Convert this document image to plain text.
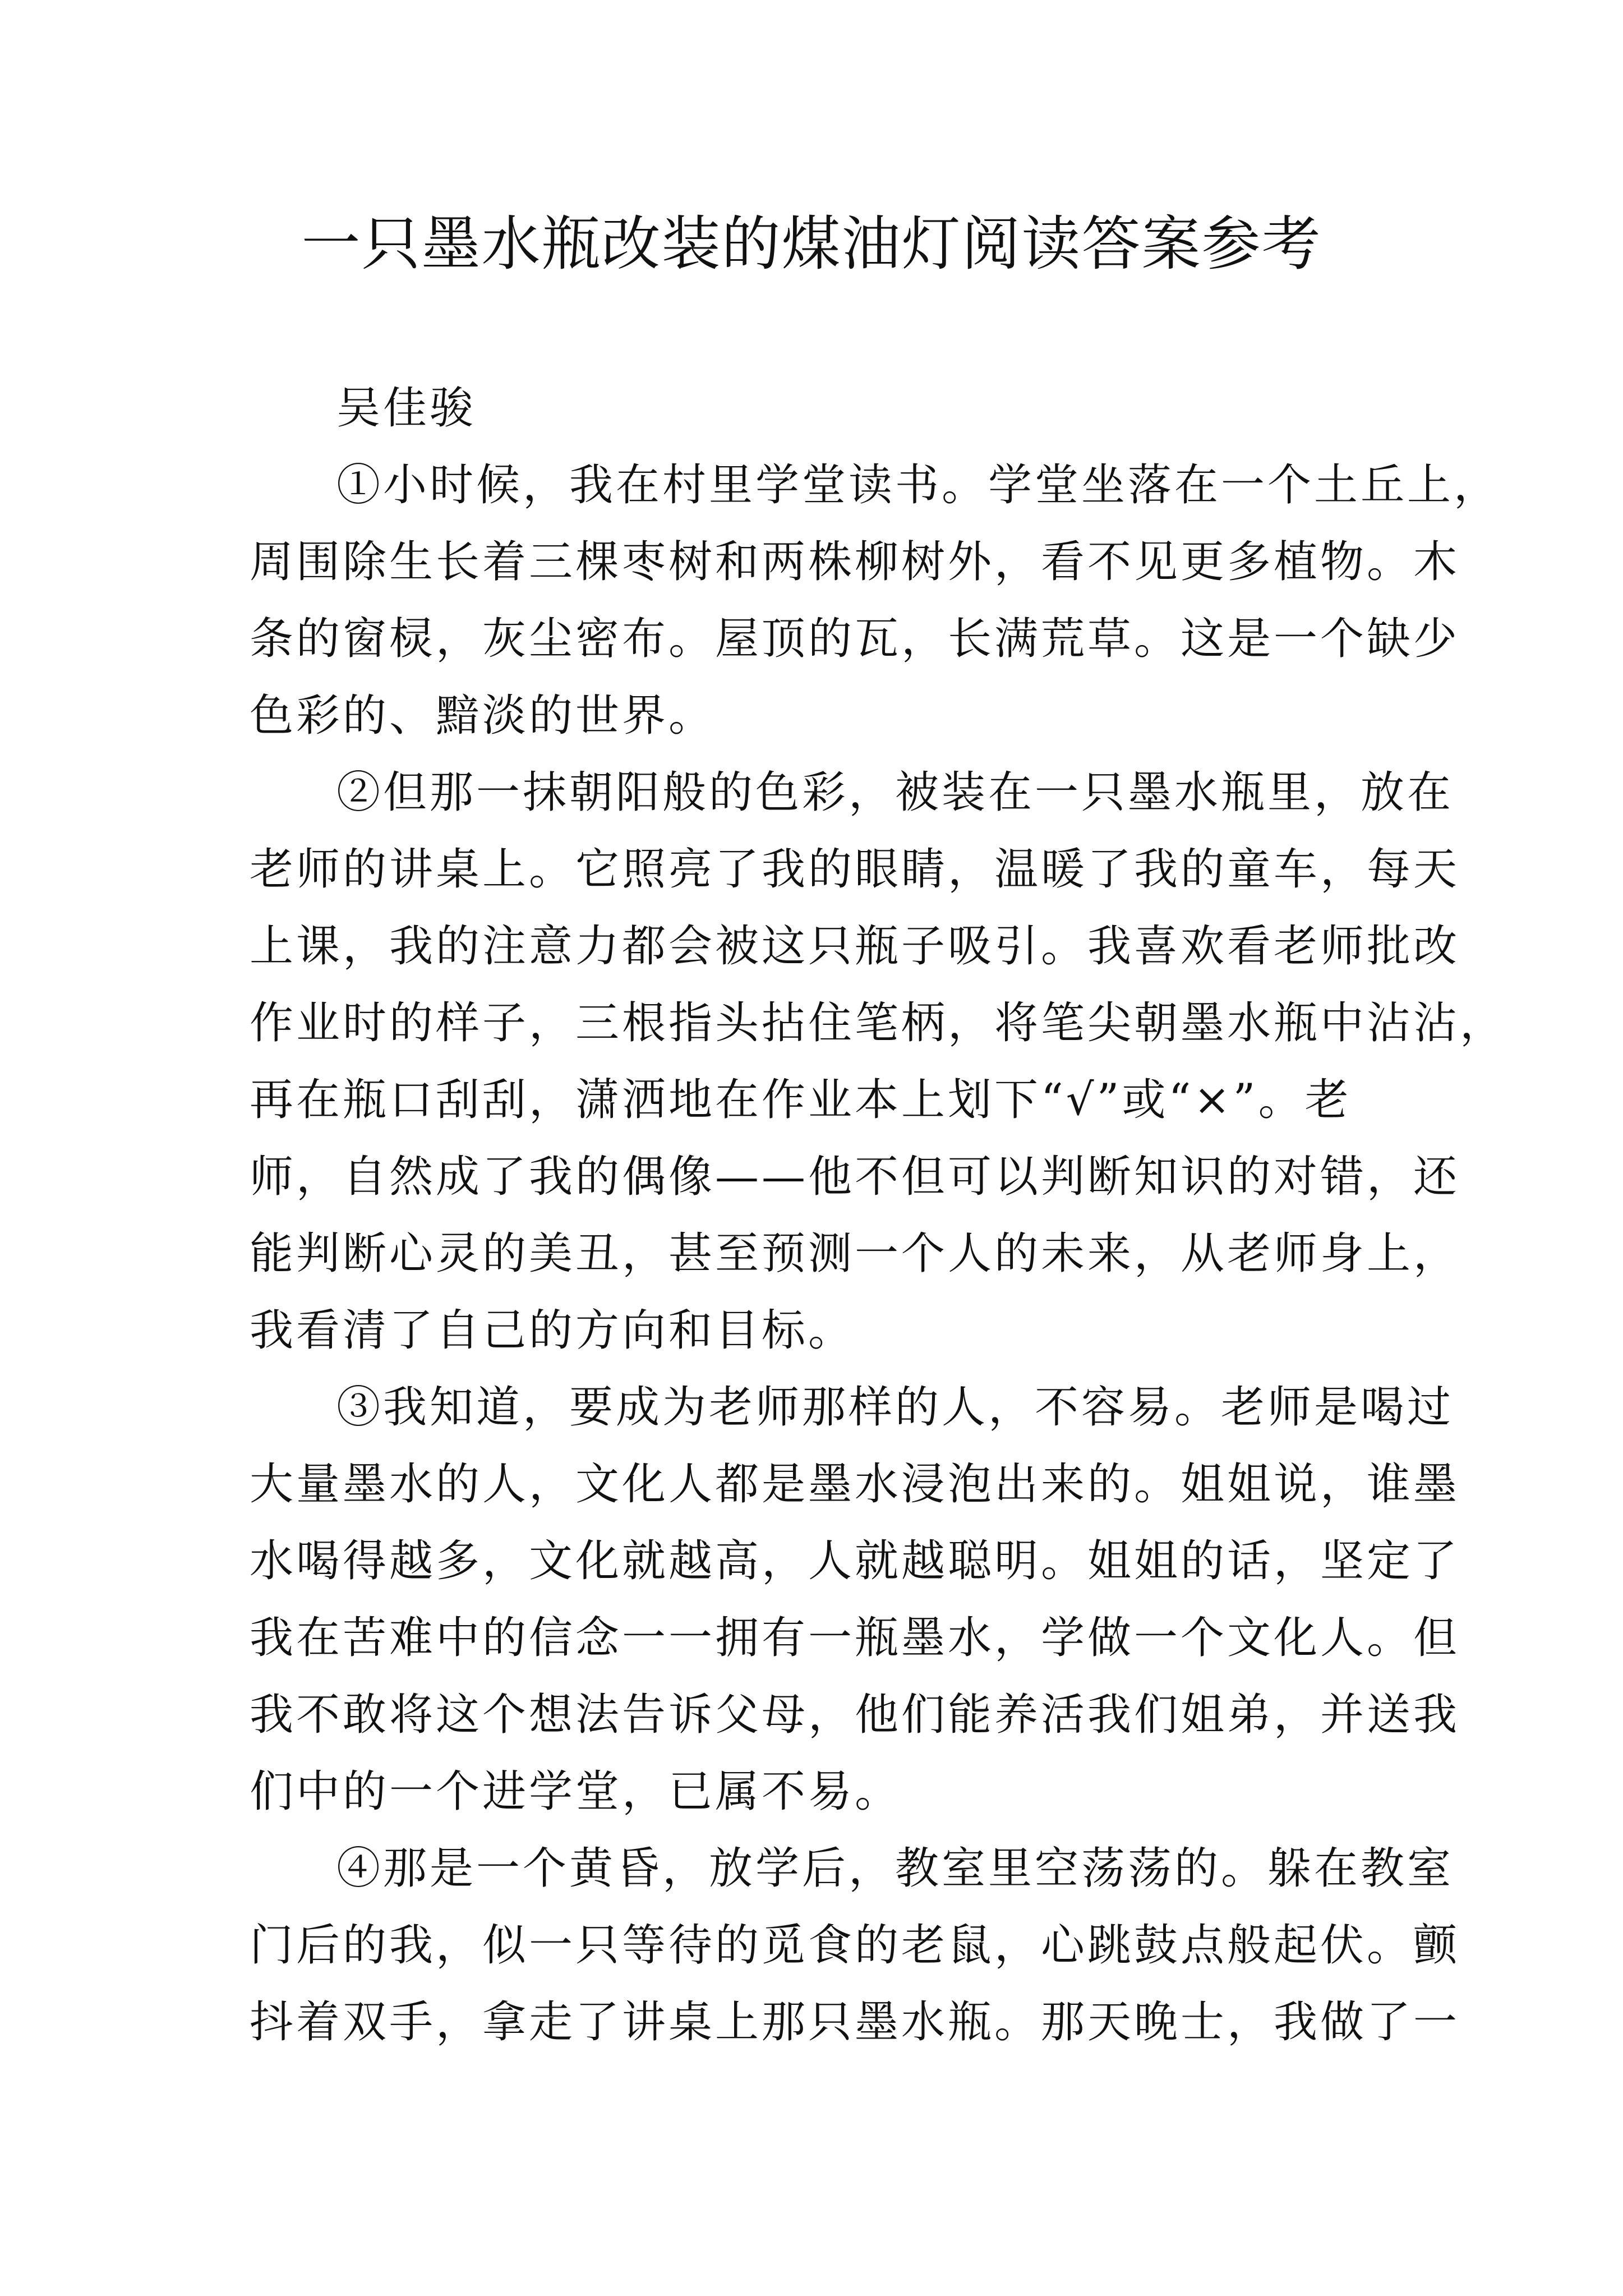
一只墨水瓶改装的煤油灯阅读答案参考
吴佳骏
①小时候，我在村里学堂读书。学堂坐落在一个土丘上，
周围除生长着三棵枣树和两株柳树外，看不见更多植物。木
条的窗棂，灰尘密布。屋顶的瓦，长满荒草。这是一个缺少
色彩的、黯淡的世界。
②但那一抹朝阳般的色彩，被装在一只墨水瓶里，放在
老师的讲桌上。它照亮了我的眼睛，温暖了我的童车，每天
上课，我的注意力都会被这只瓶子吸引。我喜欢看老师批改
作业时的样子，三根指头拈住笔柄，将笔尖朝墨水瓶中沾沾，
再在瓶口刮刮，潇洒地在作业本上划下“√”或“×”。老
师，自然成了我的偶像——他不但可以判断知识的对错，还
能判断心灵的美丑，甚至预测一个人的未来，从老师身上，
我看清了自己的方向和目标。
③我知道，要成为老师那样的人，不容易。老师是喝过
大量墨水的人，文化人都是墨水浸泡出来的。姐姐说，谁墨
水喝得越多，文化就越高，人就越聪明。姐姐的话，坚定了
我在苦难中的信念一一拥有一瓶墨水，学做一个文化人。但
我不敢将这个想法告诉父母，他们能养活我们姐弟，并送我
们中的一个进学堂，已属不易。
④那是一个黄昏，放学后，教室里空荡荡的。躲在教室
门后的我，似一只等待的觅食的老鼠，心跳鼓点般起伏。颤
抖着双手，拿走了讲桌上那只墨水瓶。那天晚士，我做了一
